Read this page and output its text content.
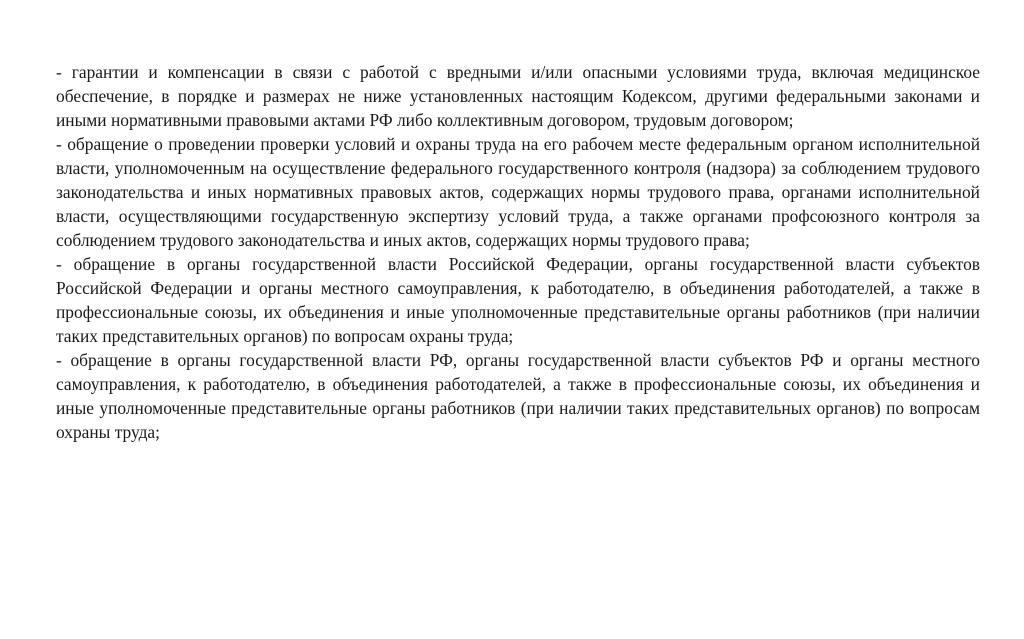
- гарантии и компенсации в связи с работой с вредными и/или опасными условиями труда, включая медицинское обеспечение, в порядке и размерах не ниже установленных настоящим Кодексом, другими федеральными законами и иными нормативными правовыми актами РФ либо коллективным договором, трудовым договором;

- обращение о проведении проверки условий и охраны труда на его рабочем месте федеральным органом исполнительной власти, уполномоченным на осуществление федерального государственного контроля (надзора) за соблюдением трудового законодательства и иных нормативных правовых актов, содержащих нормы трудового права, органами исполнительной власти, осуществляющими государственную экспертизу условий труда, а также органами профсоюзного контроля за соблюдением трудового законодательства и иных актов, содержащих нормы трудового права;

- обращение в органы государственной власти Российской Федерации, органы государственной власти субъектов Российской Федерации и органы местного самоуправления, к работодателю, в объединения работодателей, а также в профессиональные союзы, их объединения и иные уполномоченные представительные органы работников (при наличии таких представительных органов) по вопросам охраны труда;

- обращение в органы государственной власти РФ, органы государственной власти субъектов РФ и органы местного самоуправления, к работодателю, в объединения работодателей, а также в профессиональные союзы, их объединения и иные уполномоченные представительные органы работников (при наличии таких представительных органов) по вопросам охраны труда;
